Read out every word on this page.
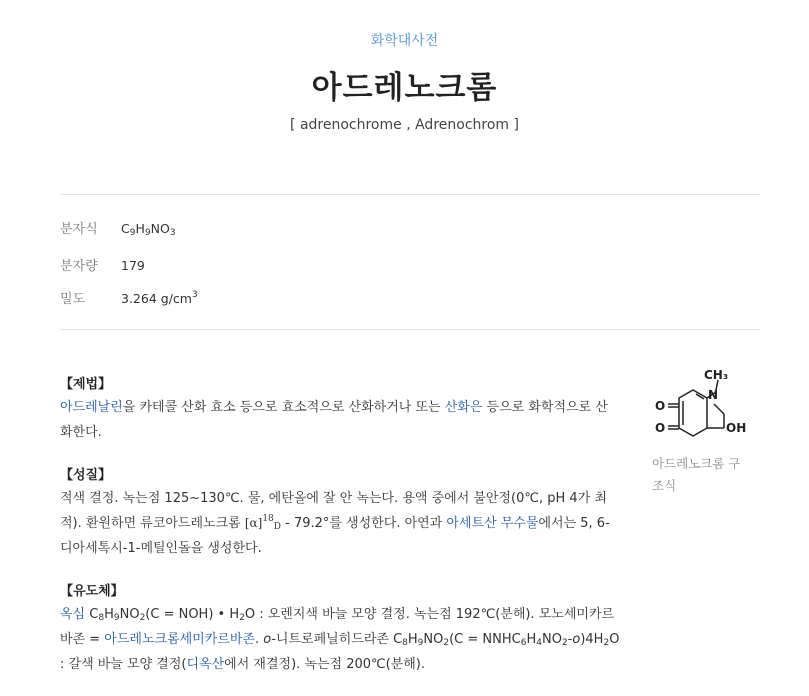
화학대사전
아드레노크롬
[ adrenochrome , Adrenochrom ]
분자식 $C_9H_9NO_3$
분자량 179
밀도	3.264 $g/cm^3$
【제법】
아드레날린을 카테콜 산화 효소 등으로 효소적으로 산화하거나 또는 산화은 등으로 화학적으로 산화한다.
【성질】
적색 결정. 녹는점 125~130℃. 물, 에탄올에 잘 안 녹는다. 용액 중에서 불안정(0℃, pH 4가 최적). 환원하면 류코아드레노크롬 $[\alpha]^{18}_D - 79.2^\circ$를 생성한다. 아연과 아세트산 무수물에서는 5, 6-디아세톡시-1-메틸인돌을 생성한다.
【유도체】
옥심 $C_8H_9NO_2(C = NOH)$ • $H_2O$ : 오렌지색 바늘 모양 결정. 녹는점 192℃(분해). 모노세미카르바존 = 아드레노크롬세미카르바존. o-니트로페닐히드라존 $C_8H_9NO_2(C$ = $NNHC_6H_4NO_2-o)4H_2O$ : 갈색 바늘 모양 결정(디옥산에서 재결정). 녹는점 200℃(분해).
CH₃
N
O
O	OH
아드레노크롬 구조식
